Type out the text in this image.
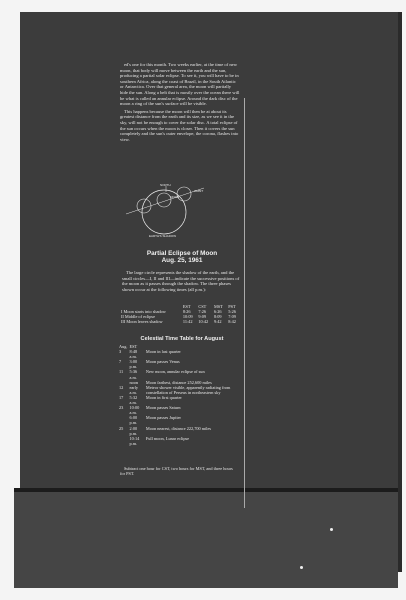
ed's one for this month. Two weeks earlier, at the time of new moon, that body will move between the earth and the sun, producing a partial solar eclipse. To see it, you will have to be in southern Africa, along the coast of Brazil, in the South Atlantic or Antarctica. Over that general area, the moon will partially hide the sun. Along a belt that is mostly over the ocean there will be what is called an annular eclipse. Around the dark disc of the moon a ring of the sun's surface will be visible.

This happens because the moon will then be at about its greatest distance from the earth and its size, as we see it in the sky, will not be enough to cover the solar disc. A total eclipse of the sun occurs when the moon is closer. Then it covers the sun completely and the sun's outer envelope, the corona, flashes into view.

NORTH
MOON
ORBIT
EARTH'S SHADOW
Partial Eclipse of Moon
Aug. 25, 1961

The large circle represents the shadow of the earth, and the small circles—I, II and III—indicate the successive positions of the moon as it passes through the shadow. The three phases shown occur at the following times (all p.m.):

	EST	CST	MST	PST
I Moon starts into shadow	8:26	7:26	6:26	5:26
II Middle of eclipse	10:09	9:09	8:09	7:09
III Moon leaves shadow	11:42	10:42	9:42	8:42
Celestial Time Table for August
Aug.	EST	
3	8:48 a.m.	Moon in last quarter
7	3:00 p.m.	Moon passes Venus
11	5:36 a.m.	New moon, annular eclipse of sun
	noon	Moon farthest, distance 252,600 miles
12	early a.m.	Meteor shower visible, apparently radiating from constellation of Perseus in northeastern sky
17	5:32 a.m.	Moon in first quarter
23	10:00 a.m.	Moon passes Saturn
	6:00 p.m.	Moon passes Jupiter
25	2:00 p.m.	Moon nearest, distance 222,700 miles
	10:14 p.m.	Full moon, Lunar eclipse
Subtract one hour for CST, two hours for MST, and three hours for PST.
